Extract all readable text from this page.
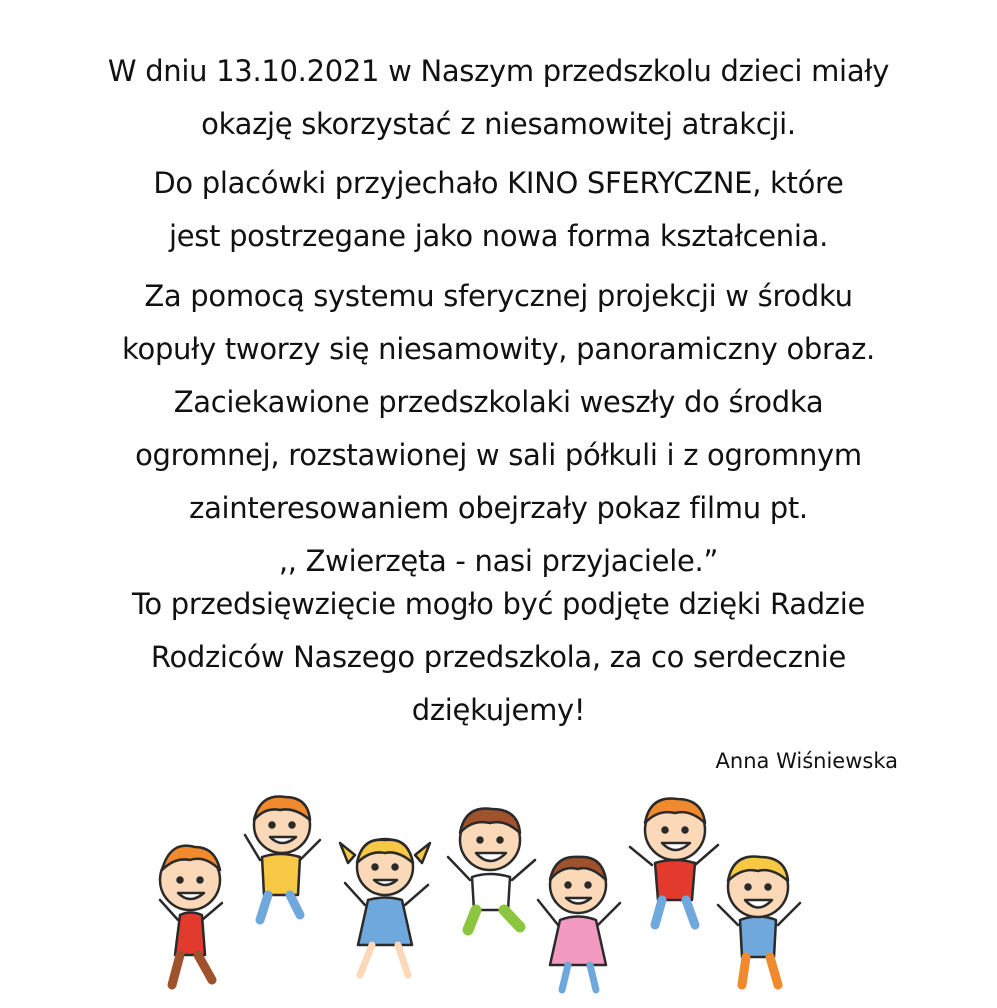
W dniu 13.10.2021 w Naszym przedszkolu dzieci miały
okazję skorzystać z niesamowitej atrakcji.
Do placówki przyjechało KINO SFERYCZNE, które
jest postrzegane jako nowa forma kształcenia.
Za pomocą systemu sferycznej projekcji w środku
kopuły tworzy się niesamowity, panoramiczny obraz.
Zaciekawione przedszkolaki weszły do środka
ogromnej, rozstawionej w sali półkuli i z ogromnym
zainteresowaniem obejrzały pokaz filmu pt.
,, Zwierzęta - nasi przyjaciele.”
To przedsięwzięcie mogło być podjęte dzięki Radzie
Rodziców Naszego przedszkola, za co serdecznie
dziękujemy!
Anna Wiśniewska
